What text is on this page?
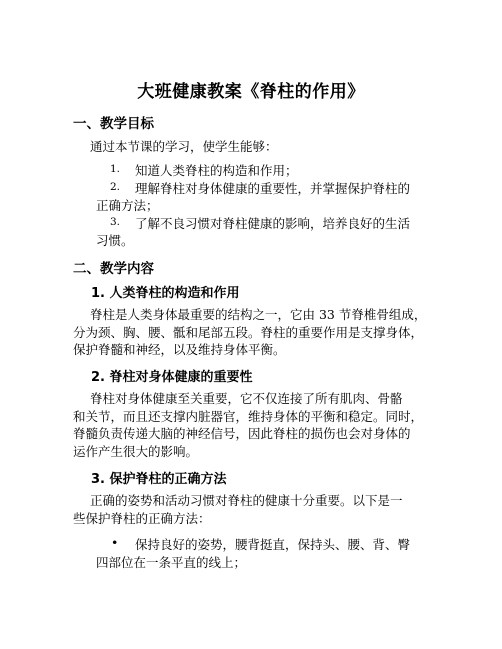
大班健康教案《脊柱的作用》
一、教学目标
通过本节课的学习，使学生能够：
1. 知道人类脊柱的构造和作用；
2. 理解脊柱对身体健康的重要性，并掌握保护脊柱的
正确方法；
3. 了解不良习惯对脊柱健康的影响，培养良好的生活
习惯。
二、教学内容
1. 人类脊柱的构造和作用
脊柱是人类身体最重要的结构之一，它由 33 节脊椎骨组成，
分为颈、胸、腰、骶和尾部五段。脊柱的重要作用是支撑身体，
保护脊髓和神经，以及维持身体平衡。
2. 脊柱对身体健康的重要性
脊柱对身体健康至关重要，它不仅连接了所有肌肉、骨骼
和关节，而且还支撑内脏器官，维持身体的平衡和稳定。同时，
脊髓负责传递大脑的神经信号，因此脊柱的损伤也会对身体的
运作产生很大的影响。
3. 保护脊柱的正确方法
正确的姿势和活动习惯对脊柱的健康十分重要。以下是一
些保护脊柱的正确方法：
• 保持良好的姿势，腰背挺直，保持头、腰、背、臀
四部位在一条平直的线上；
